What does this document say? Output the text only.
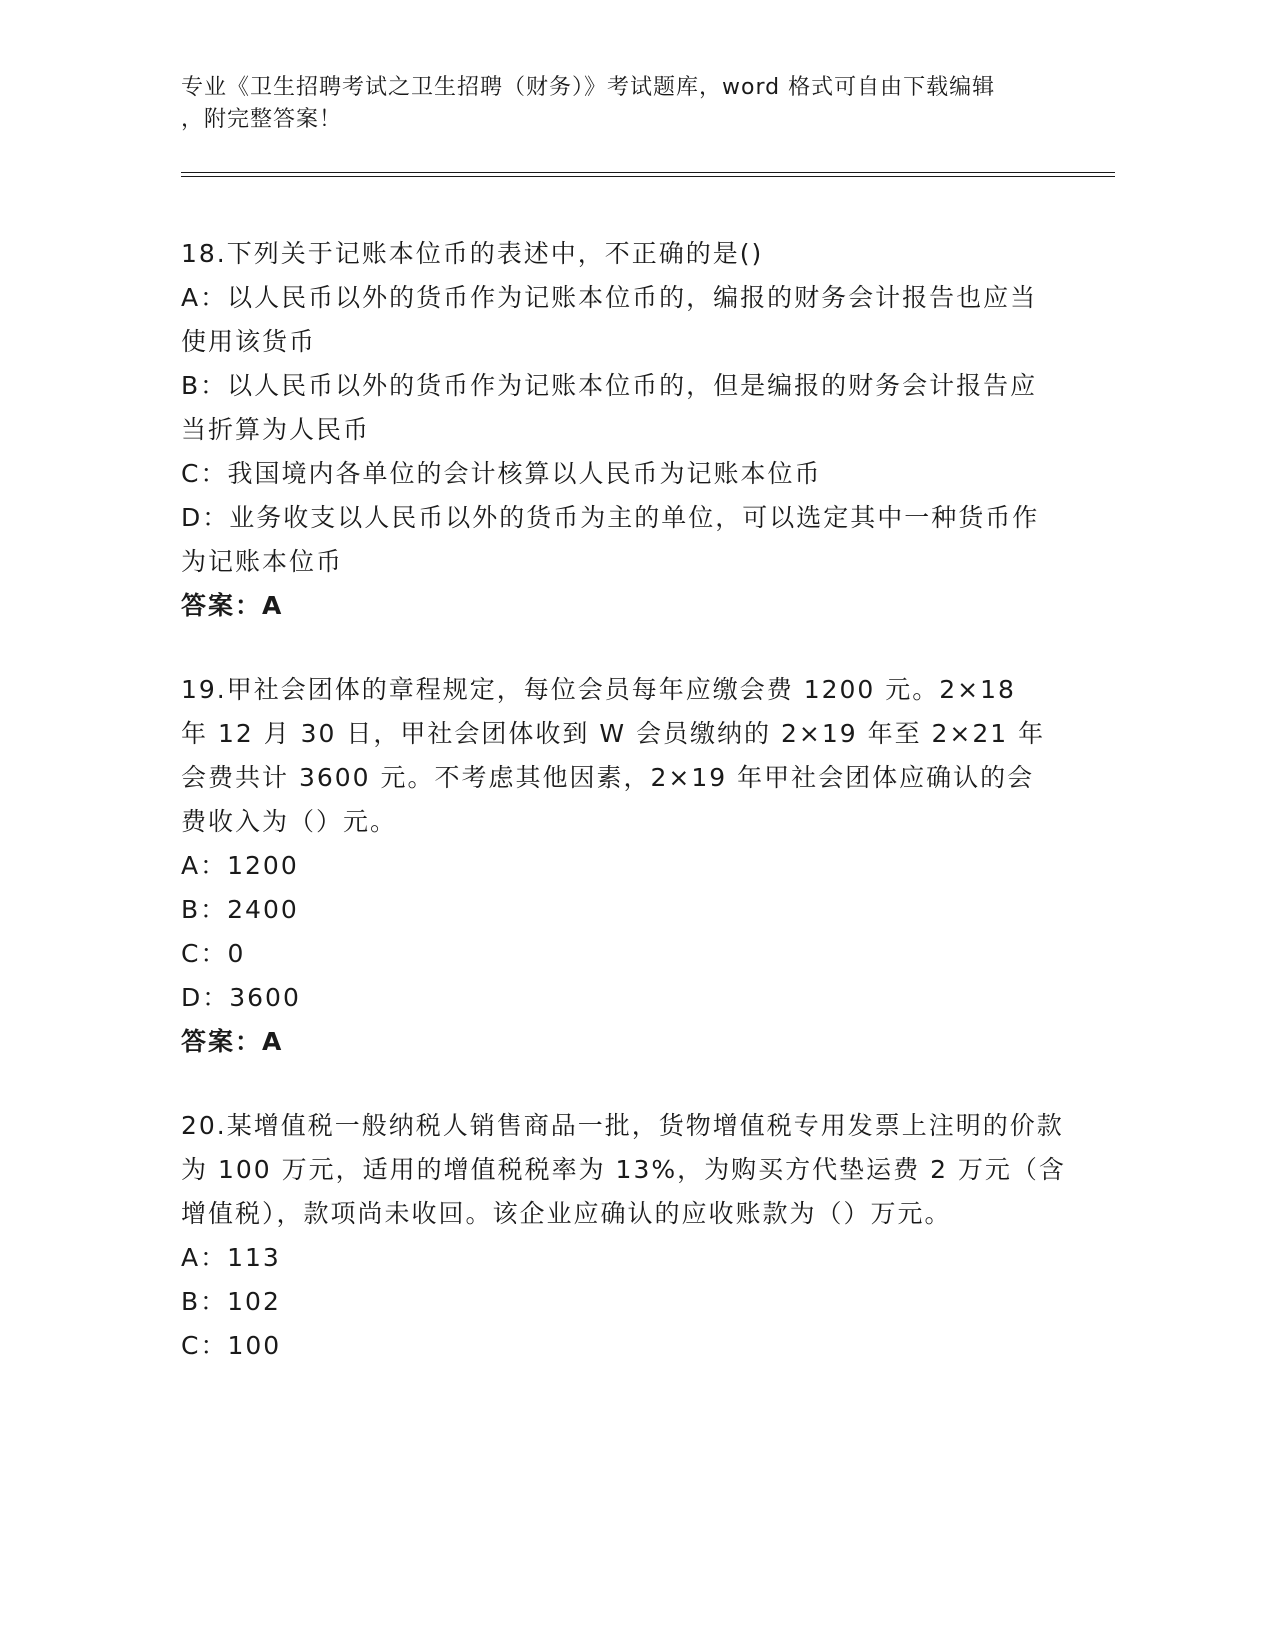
专业《卫生招聘考试之卫生招聘（财务）》考试题库，word 格式可自由下载编辑
，附完整答案！

18.下列关于记账本位币的表述中，不正确的是()

A：以人民币以外的货币作为记账本位币的，编报的财务会计报告也应当使用该货币

B：以人民币以外的货币作为记账本位币的，但是编报的财务会计报告应当折算为人民币

C：我国境内各单位的会计核算以人民币为记账本位币

D：业务收支以人民币以外的货币为主的单位，可以选定其中一种货币作为记账本位币

答案：A

19.甲社会团体的章程规定，每位会员每年应缴会费 1200 元。2×18 年 12 月 30 日，甲社会团体收到 W 会员缴纳的 2×19 年至 2×21 年会费共计 3600 元。不考虑其他因素，2×19 年甲社会团体应确认的会费收入为（）元。

A：1200

B：2400

C：0

D：3600

答案：A

20.某增值税一般纳税人销售商品一批，货物增值税专用发票上注明的价款为 100 万元，适用的增值税税率为 13%，为购买方代垫运费 2 万元（含增值税），款项尚未收回。该企业应确认的应收账款为（）万元。

A：113

B：102

C：100
